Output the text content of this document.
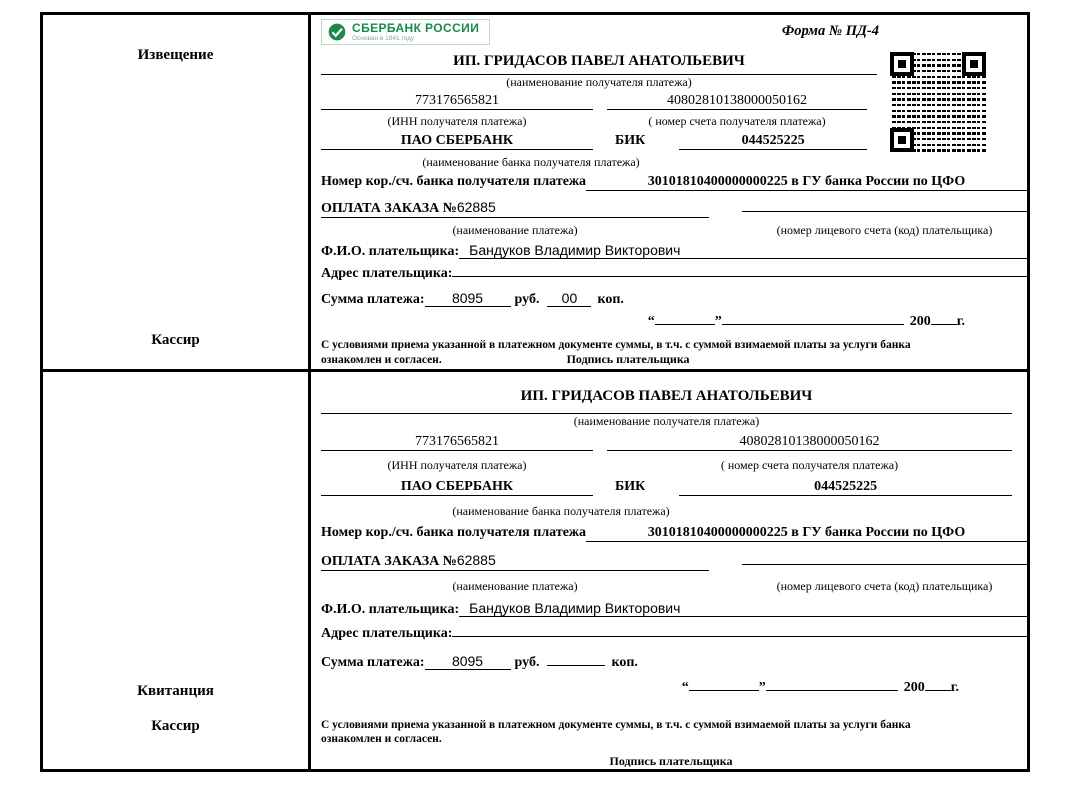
Извещение
Кассир
СБЕРБАНК РОССИИ
Основан в 1841 году	Форма № ПД-4
ИП. ГРИДАСОВ ПАВЕЛ АНАТОЛЬЕВИЧ
(наименование получателя платежа)
773176565821	40802810138000050162
(ИНН получателя платежа)	( номер счета получателя платежа)
ПАО СБЕРБАНК	БИК	044525225
(наименование банка получателя платежа)
Номер кор./сч. банка получателя платежа	30101810400000000225 в ГУ банка России по ЦФО
ОПЛАТА ЗАКАЗА №62885
(наименование платежа)	(номер лицевого счета (код) плательщика)
Ф.И.О. плательщика: Бандуков Владимир Викторович
Адрес плательщика:
Сумма платежа:	8095	руб.	00	коп.
“	”	200 г.
С условиями приема указанной в платежном документе суммы, в т.ч. с суммой взимаемой платы за услуги банка
ознакомлен и согласен.	Подпись плательщика
Квитанция
Кассир
ИП. ГРИДАСОВ ПАВЕЛ АНАТОЛЬЕВИЧ
(наименование получателя платежа)
773176565821	40802810138000050162
(ИНН получателя платежа)	( номер счета получателя платежа)
ПАО СБЕРБАНК	БИК	044525225
(наименование банка получателя платежа)
Номер кор./сч. банка получателя платежа	30101810400000000225 в ГУ банка России по ЦФО
ОПЛАТА ЗАКАЗА №62885
(наименование платежа)	(номер лицевого счета (код) плательщика)
Ф.И.О. плательщика: Бандуков Владимир Викторович
Адрес плательщика:
Сумма платежа:	8095	руб.	коп.
“	”	200 г.
С условиями приема указанной в платежном документе суммы, в т.ч. с суммой взимаемой платы за услуги банка
ознакомлен и согласен.
Подпись плательщика
